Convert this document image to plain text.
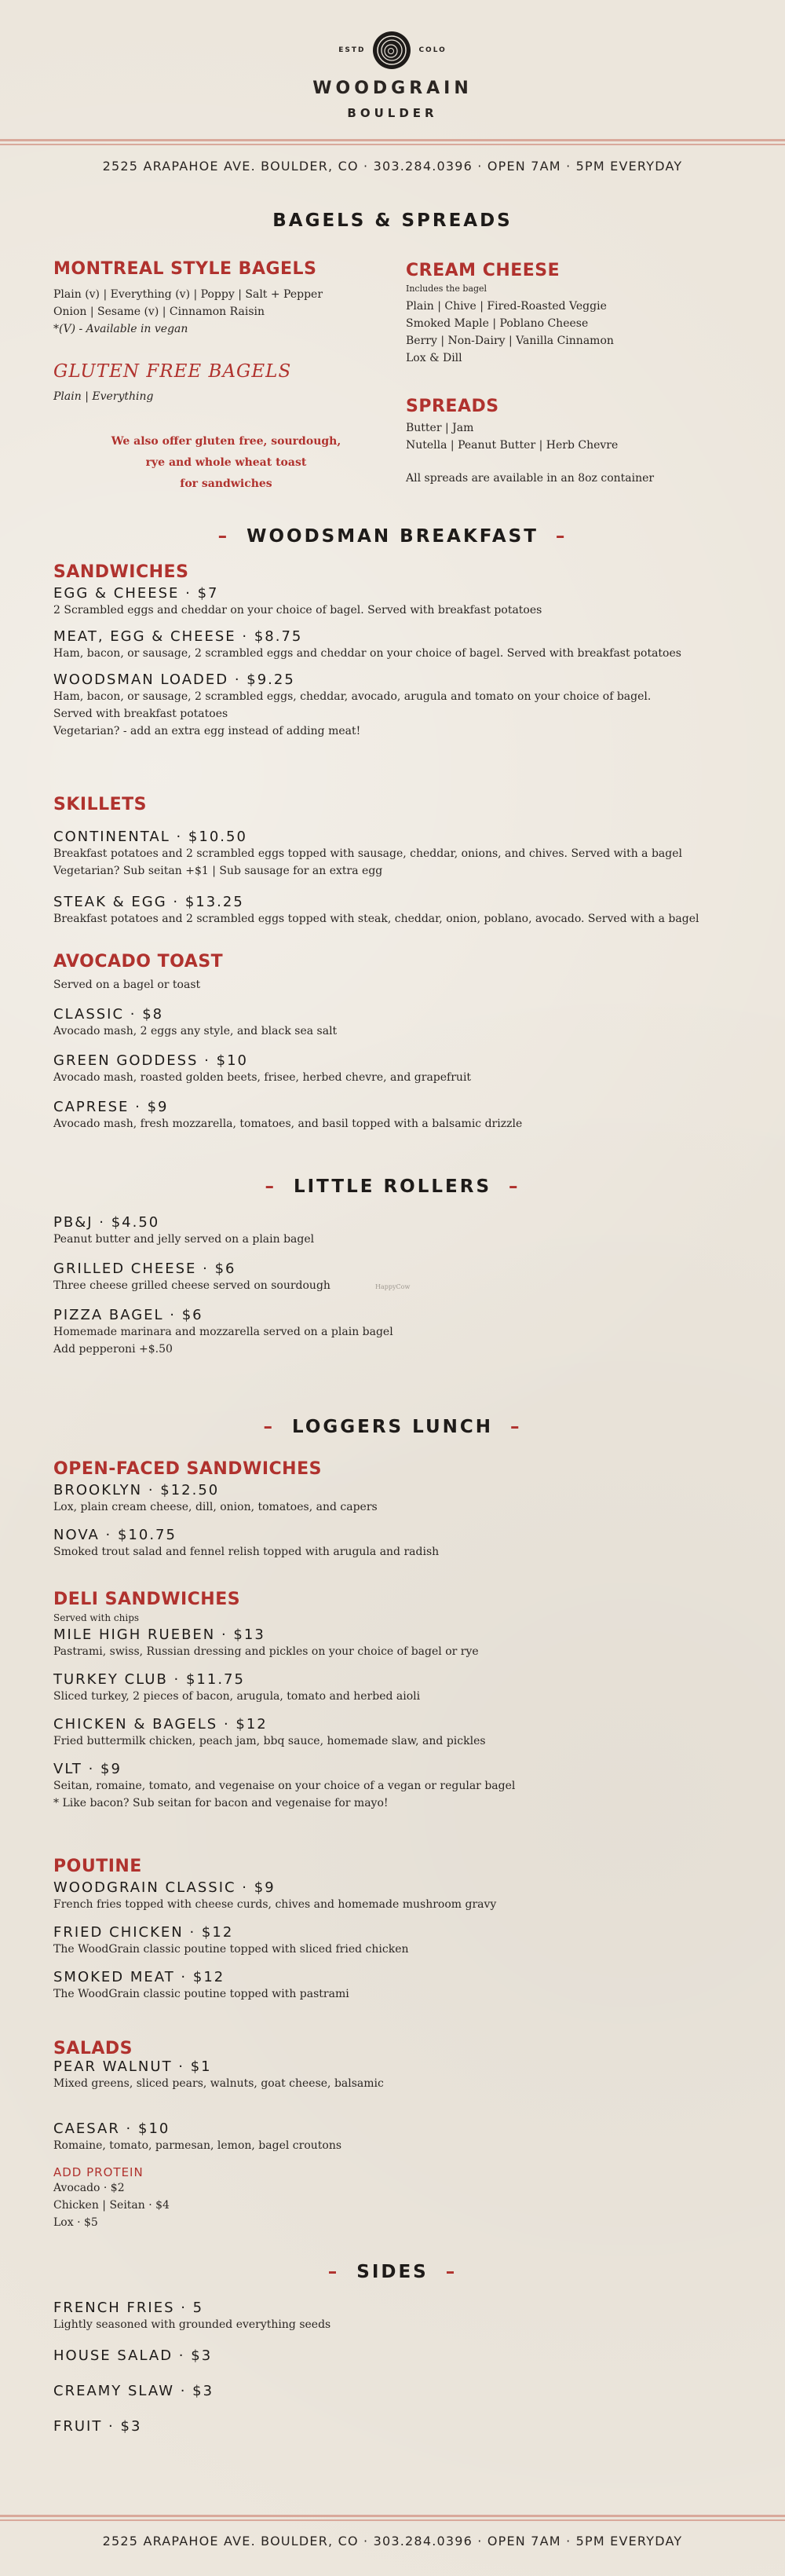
ESTD	COLO
WOODGRAIN
BOULDER
2525 ARAPAHOE AVE. BOULDER, CO · 303.284.0396 · OPEN 7AM · 5PM EVERYDAY
BAGELS & SPREADS
MONTREAL STYLE BAGELS
Plain (v) | Everything (v) | Poppy | Salt + Pepper
Onion | Sesame (v) | Cinnamon Raisin
*(V) - Available in vegan
GLUTEN FREE BAGELS
Plain | Everything
We also offer gluten free, sourdough,
rye and whole wheat toast
for sandwiches
CREAM CHEESE
Includes the bagel
Plain | Chive | Fired-Roasted Veggie
Smoked Maple | Poblano Cheese
Berry | Non-Dairy | Vanilla Cinnamon
Lox & Dill
SPREADS
Butter | Jam
Nutella | Peanut Butter | Herb Chevre
All spreads are available in an 8oz container
–  WOODSMAN BREAKFAST  –
SANDWICHES
EGG & CHEESE · $7
2 Scrambled eggs and cheddar on your choice of bagel. Served with breakfast potatoes
MEAT, EGG & CHEESE · $8.75
Ham, bacon, or sausage, 2 scrambled eggs and cheddar on your choice of bagel. Served with breakfast potatoes
WOODSMAN LOADED · $9.25
Ham, bacon, or sausage, 2 scrambled eggs, cheddar, avocado, arugula and tomato on your choice of bagel.
Served with breakfast potatoes
Vegetarian? - add an extra egg instead of adding meat!
SKILLETS
CONTINENTAL · $10.50
Breakfast potatoes and 2 scrambled eggs topped with sausage, cheddar, onions, and chives. Served with a bagel
Vegetarian? Sub seitan +$1 | Sub sausage for an extra egg
STEAK & EGG · $13.25
Breakfast potatoes and 2 scrambled eggs topped with steak, cheddar, onion, poblano, avocado. Served with a bagel
AVOCADO TOAST
Served on a bagel or toast
CLASSIC · $8
Avocado mash, 2 eggs any style, and black sea salt
GREEN GODDESS · $10
Avocado mash, roasted golden beets, frisee, herbed chevre, and grapefruit
CAPRESE · $9
Avocado mash, fresh mozzarella, tomatoes, and basil topped with a balsamic drizzle
–  LITTLE ROLLERS  –
PB&J · $4.50
Peanut butter and jelly served on a plain bagel
GRILLED CHEESE · $6
Three cheese grilled cheese served on sourdough
PIZZA BAGEL · $6
Homemade marinara and mozzarella served on a plain bagel
Add pepperoni +$.50
HappyCow
–  LOGGERS LUNCH  –
OPEN-FACED SANDWICHES
BROOKLYN · $12.50
Lox, plain cream cheese, dill, onion, tomatoes, and capers
NOVA · $10.75
Smoked trout salad and fennel relish topped with arugula and radish
DELI SANDWICHES
Served with chips
MILE HIGH RUEBEN · $13
Pastrami, swiss, Russian dressing and pickles on your choice of bagel or rye
TURKEY CLUB · $11.75
Sliced turkey, 2 pieces of bacon, arugula, tomato and herbed aioli
CHICKEN & BAGELS · $12
Fried buttermilk chicken, peach jam, bbq sauce, homemade slaw, and pickles
VLT · $9
Seitan, romaine, tomato, and vegenaise on your choice of a vegan or regular bagel
* Like bacon? Sub seitan for bacon and vegenaise for mayo!
POUTINE
WOODGRAIN CLASSIC · $9
French fries topped with cheese curds, chives and homemade mushroom gravy
FRIED CHICKEN · $12
The WoodGrain classic poutine topped with sliced fried chicken
SMOKED MEAT · $12
The WoodGrain classic poutine topped with pastrami
SALADS
PEAR WALNUT · $1
Mixed greens, sliced pears, walnuts, goat cheese, balsamic
CAESAR · $10
Romaine, tomato, parmesan, lemon, bagel croutons
ADD PROTEIN
Avocado · $2
Chicken | Seitan · $4
Lox · $5
–  SIDES  –
FRENCH FRIES · 5
Lightly seasoned with grounded everything seeds
HOUSE SALAD · $3
CREAMY SLAW · $3
FRUIT · $3
2525 ARAPAHOE AVE. BOULDER, CO · 303.284.0396 · OPEN 7AM · 5PM EVERYDAY
